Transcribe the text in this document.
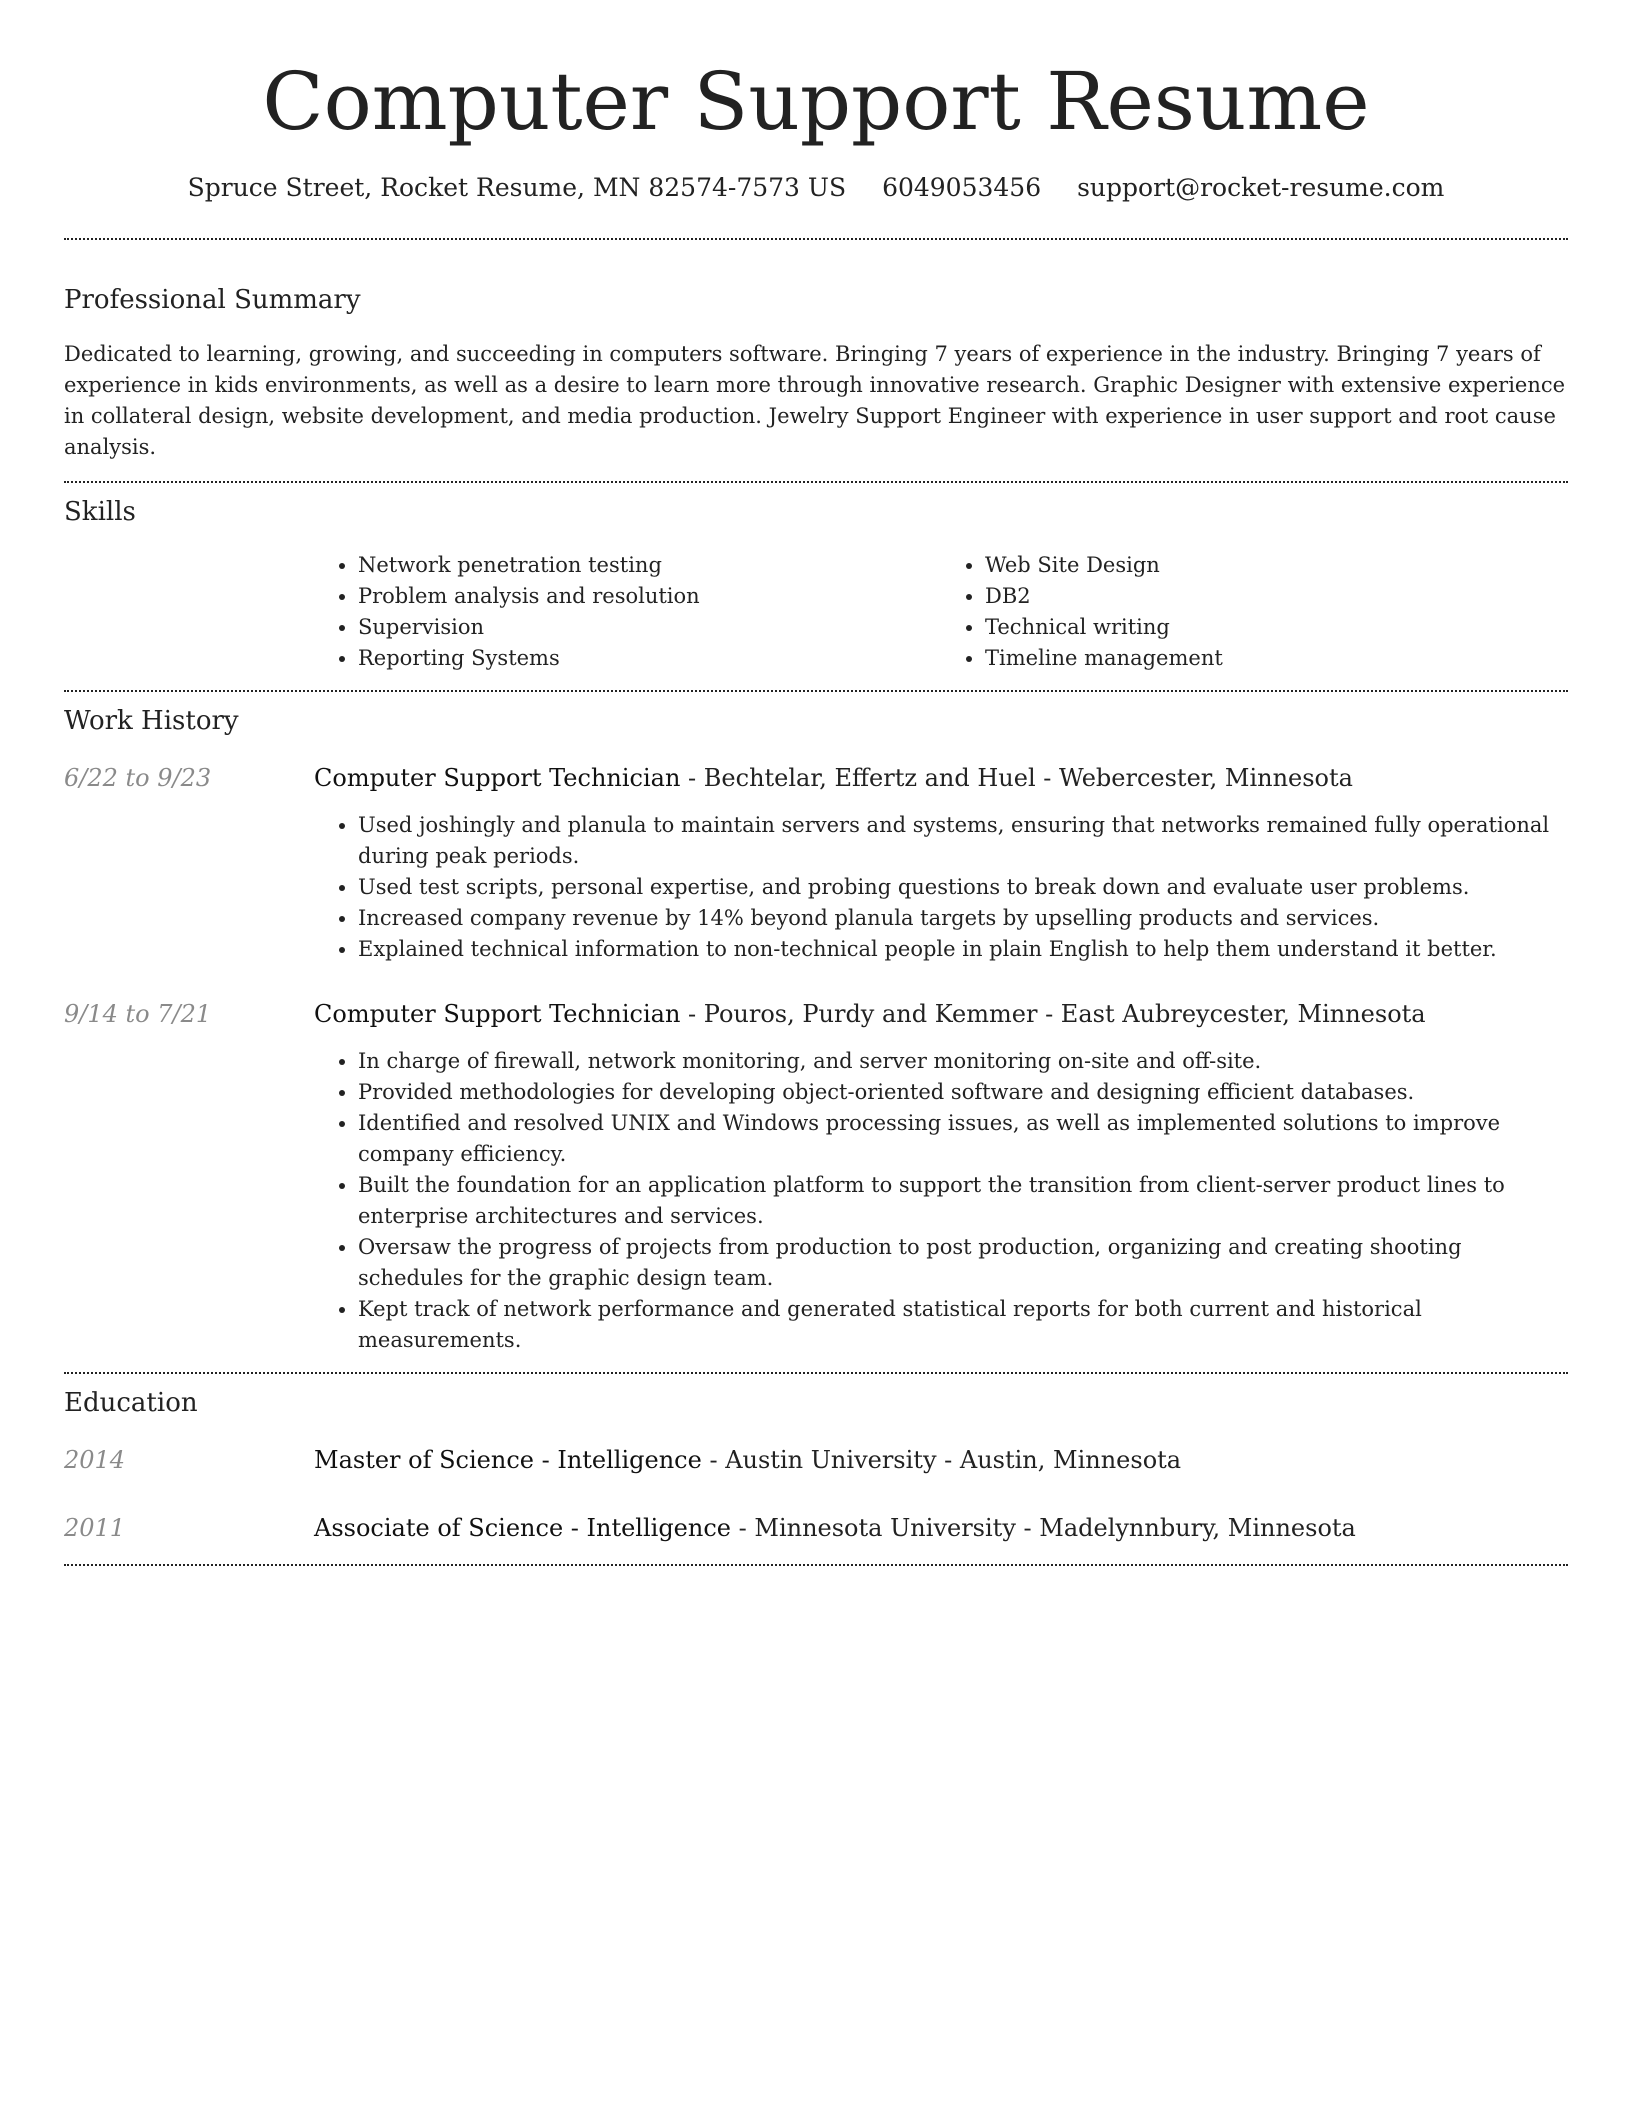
Computer Support Resume
Spruce Street, Rocket Resume, MN 82574-7573 US 6049053456 support@rocket-resume.com
Professional Summary

Dedicated to learning, growing, and succeeding in computers software. Bringing 7 years of experience in the industry. Bringing 7 years of experience in kids environments, as well as a desire to learn more through innovative research. Graphic Designer with extensive experience in collateral design, website development, and media production. Jewelry Support Engineer with experience in user support and root cause analysis.

Skills
• Network penetration testing
• Problem analysis and resolution
• Supervision
• Reporting Systems
• Web Site Design
• DB2
• Technical writing
• Timeline management
Work History
6/22 to 9/23	Computer Support Technician - Bechtelar, Effertz and Huel - Webercester, Minnesota
• Used joshingly and planula to maintain servers and systems, ensuring that networks remained fully operational during peak periods.
• Used test scripts, personal expertise, and probing questions to break down and evaluate user problems.
• Increased company revenue by 14% beyond planula targets by upselling products and services.
• Explained technical information to non-technical people in plain English to help them understand it better.
9/14 to 7/21	Computer Support Technician - Pouros, Purdy and Kemmer - East Aubreycester, Minnesota
• In charge of firewall, network monitoring, and server monitoring on-site and off-site.
• Provided methodologies for developing object-oriented software and designing efficient databases.
• Identified and resolved UNIX and Windows processing issues, as well as implemented solutions to improve company efficiency.
• Built the foundation for an application platform to support the transition from client-server product lines to enterprise architectures and services.
• Oversaw the progress of projects from production to post production, organizing and creating shooting schedules for the graphic design team.
• Kept track of network performance and generated statistical reports for both current and historical measurements.
Education
2014	Master of Science - Intelligence - Austin University - Austin, Minnesota
2011	Associate of Science - Intelligence - Minnesota University - Madelynnbury, Minnesota
